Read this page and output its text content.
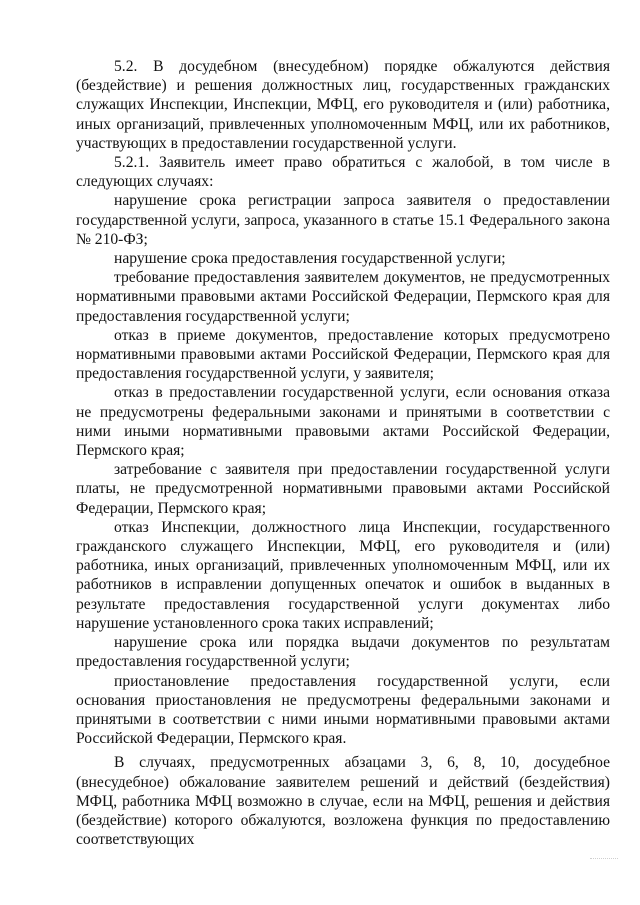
5.2. В досудебном (внесудебном) порядке обжалуются действия (бездействие) и решения должностных лиц, государственных гражданских служащих Инспекции, Инспекции, МФЦ, его руководителя и (или) работника, иных организаций, привлеченных уполномоченным МФЦ, или их работников, участвующих в предоставлении государственной услуги.

5.2.1. Заявитель имеет право обратиться с жалобой, в том числе в следующих случаях:

нарушение срока регистрации запроса заявителя о предоставлении государственной услуги, запроса, указанного в статье 15.1 Федерального закона № 210-ФЗ;

нарушение срока предоставления государственной услуги;

требование предоставления заявителем документов, не предусмотренных нормативными правовыми актами Российской Федерации, Пермского края для предоставления государственной услуги;

отказ в приеме документов, предоставление которых предусмотрено нормативными правовыми актами Российской Федерации, Пермского края для предоставления государственной услуги, у заявителя;

отказ в предоставлении государственной услуги, если основания отказа не предусмотрены федеральными законами и принятыми в соответствии с ними иными нормативными правовыми актами Российской Федерации, Пермского края;

затребование с заявителя при предоставлении государственной услуги платы, не предусмотренной нормативными правовыми актами Российской Федерации, Пермского края;

отказ Инспекции, должностного лица Инспекции, государственного гражданского служащего Инспекции, МФЦ, его руководителя и (или) работника, иных организаций, привлеченных уполномоченным МФЦ, или их работников в исправлении допущенных опечаток и ошибок в выданных в результате предоставления государственной услуги документах либо нарушение установленного срока таких исправлений;

нарушение срока или порядка выдачи документов по результатам предоставления государственной услуги;

приостановление предоставления государственной услуги, если основания приостановления не предусмотрены федеральными законами и принятыми в соответствии с ними иными нормативными правовыми актами Российской Федерации, Пермского края.

В случаях, предусмотренных абзацами 3, 6, 8, 10, досудебное (внесудебное) обжалование заявителем решений и действий (бездействия) МФЦ, работника МФЦ возможно в случае, если на МФЦ, решения и действия (бездействие) которого обжалуются, возложена функция по предоставлению соответствующих
